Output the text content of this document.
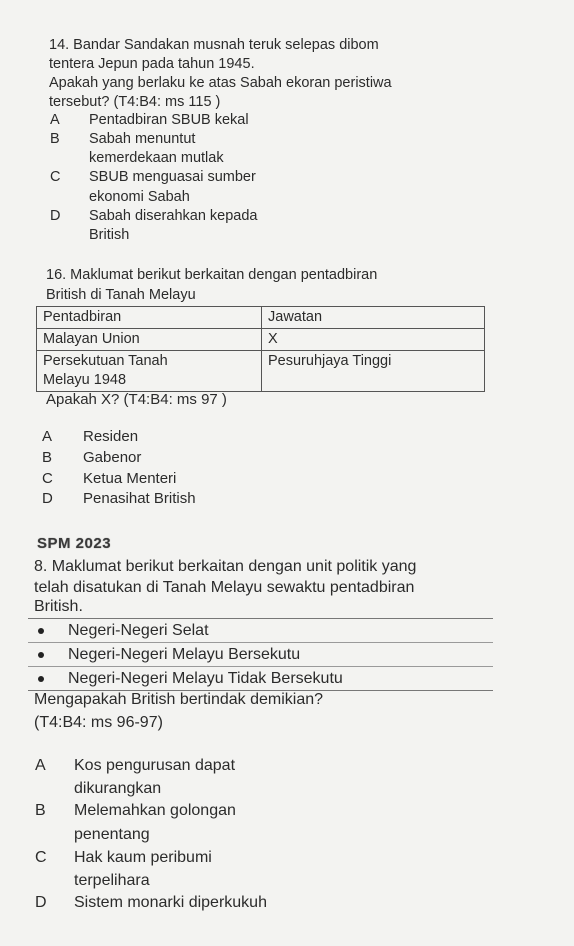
14. Bandar Sandakan musnah teruk selepas dibom
tentera Jepun pada tahun 1945.
Apakah yang berlaku ke atas Sabah ekoran peristiwa
tersebut? (T4:B4: ms 115 )
A Pentadbiran SBUB kekal
B Sabah menuntut
kemerdekaan mutlak
C SBUB menguasai sumber
ekonomi Sabah
D Sabah diserahkan kepada
British
16. Maklumat berikut berkaitan dengan pentadbiran
British di Tanah Melayu
Pentadbiran	Jawatan
Malayan Union	X
Persekutuan Tanah
Melayu 1948	Pesuruhjaya Tinggi
Apakah X? (T4:B4: ms 97 )
A Residen
B Gabenor
C Ketua Menteri
D Penasihat British
SPM 2023
8. Maklumat berikut berkaitan dengan unit politik yang
telah disatukan di Tanah Melayu sewaktu pentadbiran
British.
Negeri-Negeri Selat
Negeri-Negeri Melayu Bersekutu
Negeri-Negeri Melayu Tidak Bersekutu
Mengapakah British bertindak demikian?
(T4:B4: ms 96-97)
A Kos pengurusan dapat
dikurangkan
B Melemahkan golongan
penentang
C Hak kaum peribumi
terpelihara
D Sistem monarki diperkukuh
